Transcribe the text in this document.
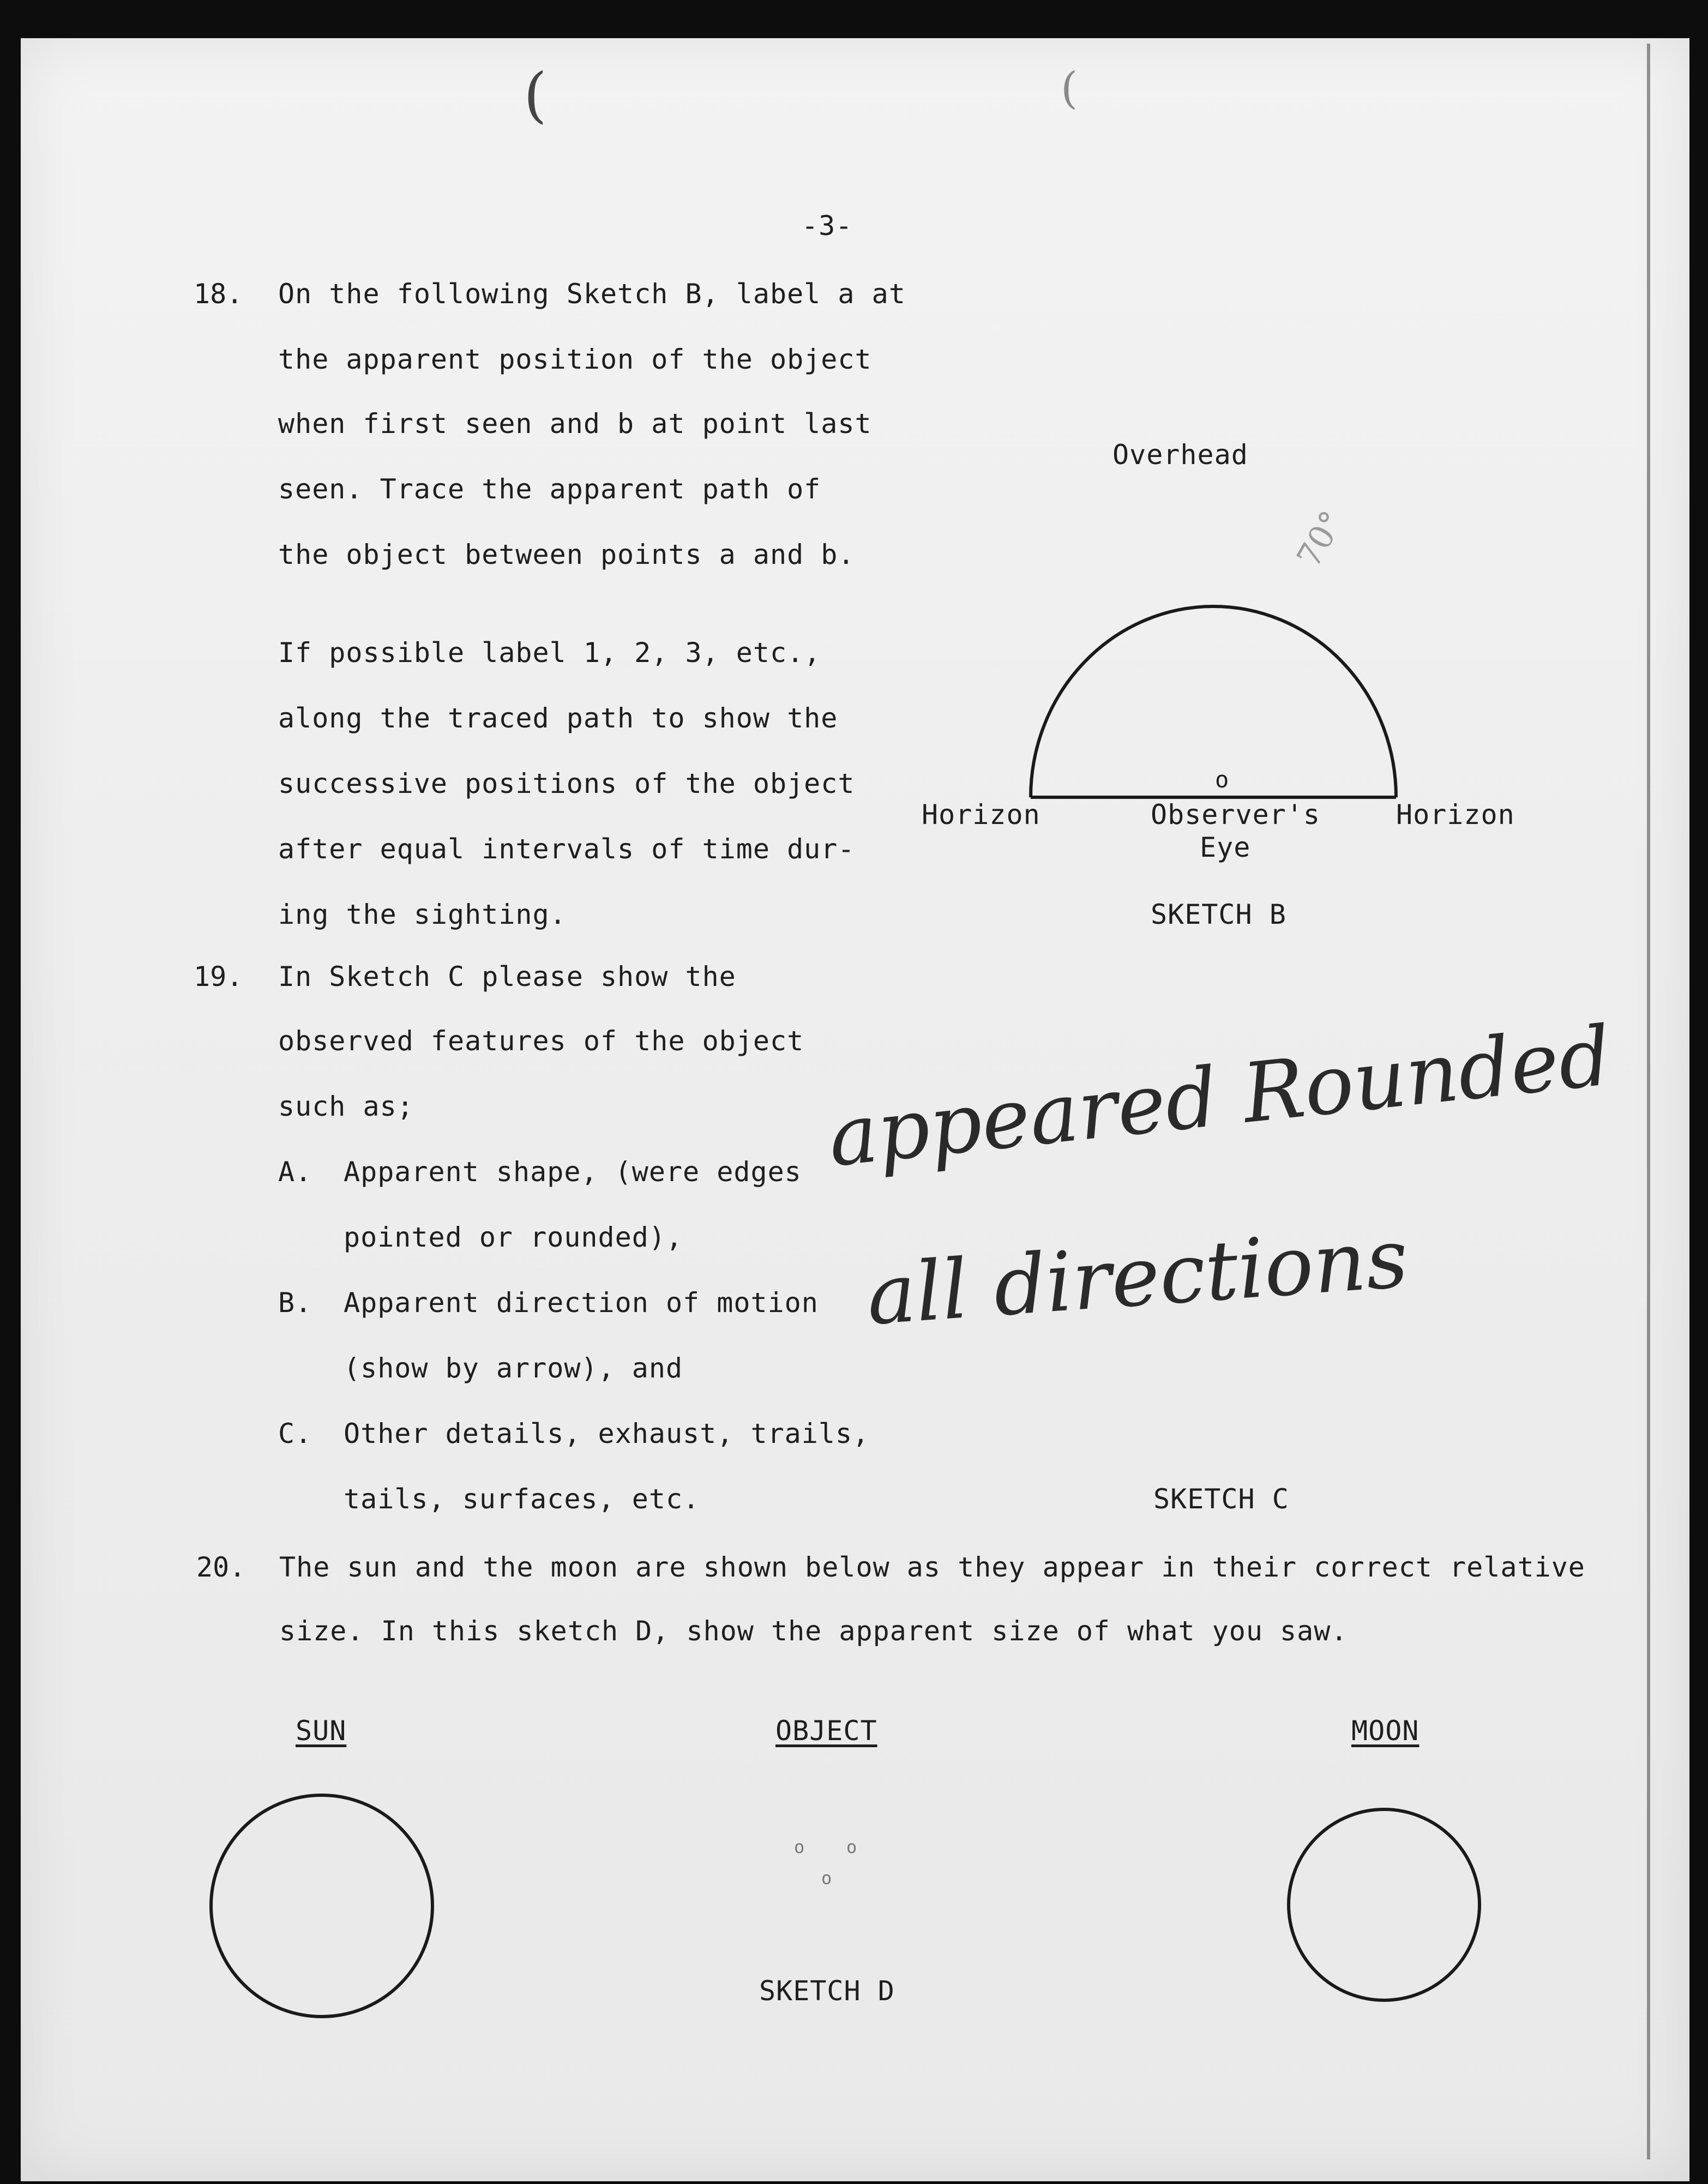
(	(
-3-
18. On the following Sketch B, label a at
the apparent position of the object
when first seen and b at point last
seen. Trace the apparent path of
the object between points a and b.
If possible label 1, 2, 3, etc.,
along the traced path to show the
successive positions of the object
after equal intervals of time dur-
ing the sighting.
Overhead
70°
o
Horizon	Observer's
Eye
Horizon
SKETCH B
19. In Sketch C please show the
observed features of the object
such as;
A. Apparent shape, (were edges
pointed or rounded),
B. Apparent direction of motion
(show by arrow), and
C. Other details, exhaust, trails,
tails, surfaces, etc.
appeared Rounded
all directions
SKETCH C
20. The sun and the moon are shown below as they appear in their correct relative
size. In this sketch D, show the apparent size of what you saw.
SUN	OBJECT	MOON
o o
o
SKETCH D
